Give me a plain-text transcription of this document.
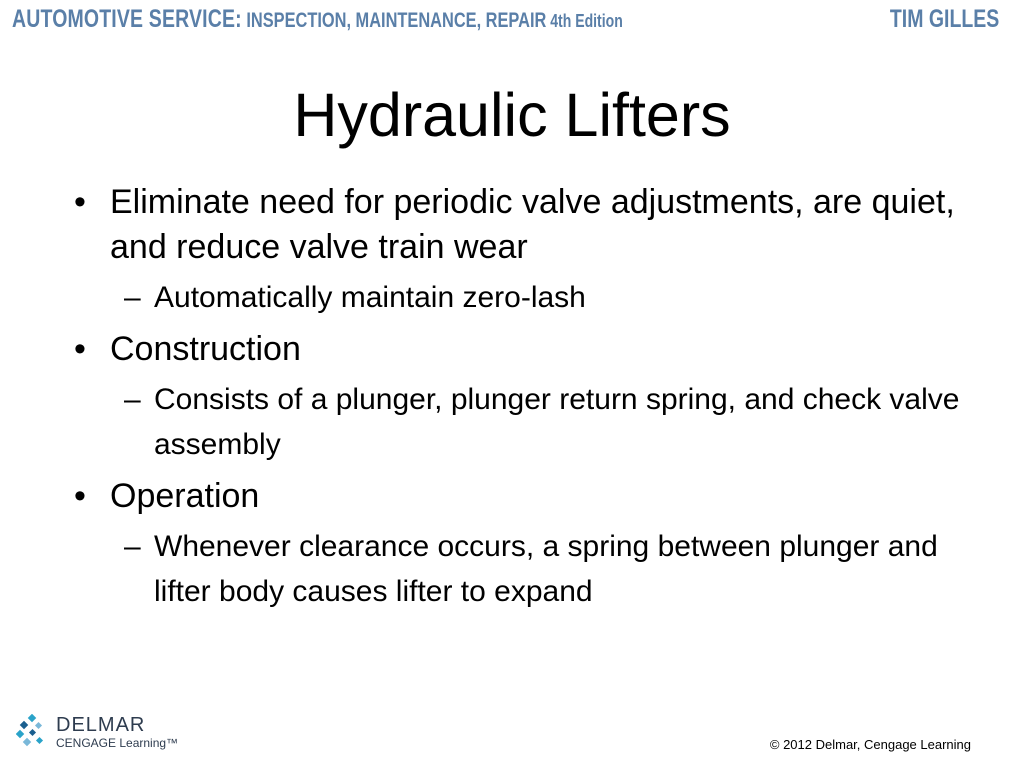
AUTOMOTIVE SERVICE: INSPECTION, MAINTENANCE, REPAIR 4th Edition	TIM GILLES
Hydraulic Lifters
• Eliminate need for periodic valve adjustments, are quiet, and reduce valve train wear
– Automatically maintain zero-lash
• Construction
– Consists of a plunger, plunger return spring, and check valve assembly
• Operation
– Whenever clearance occurs, a spring between plunger and lifter body causes lifter to expand
DELMAR
CENGAGE Learning™	© 2012 Delmar, Cengage Learning
